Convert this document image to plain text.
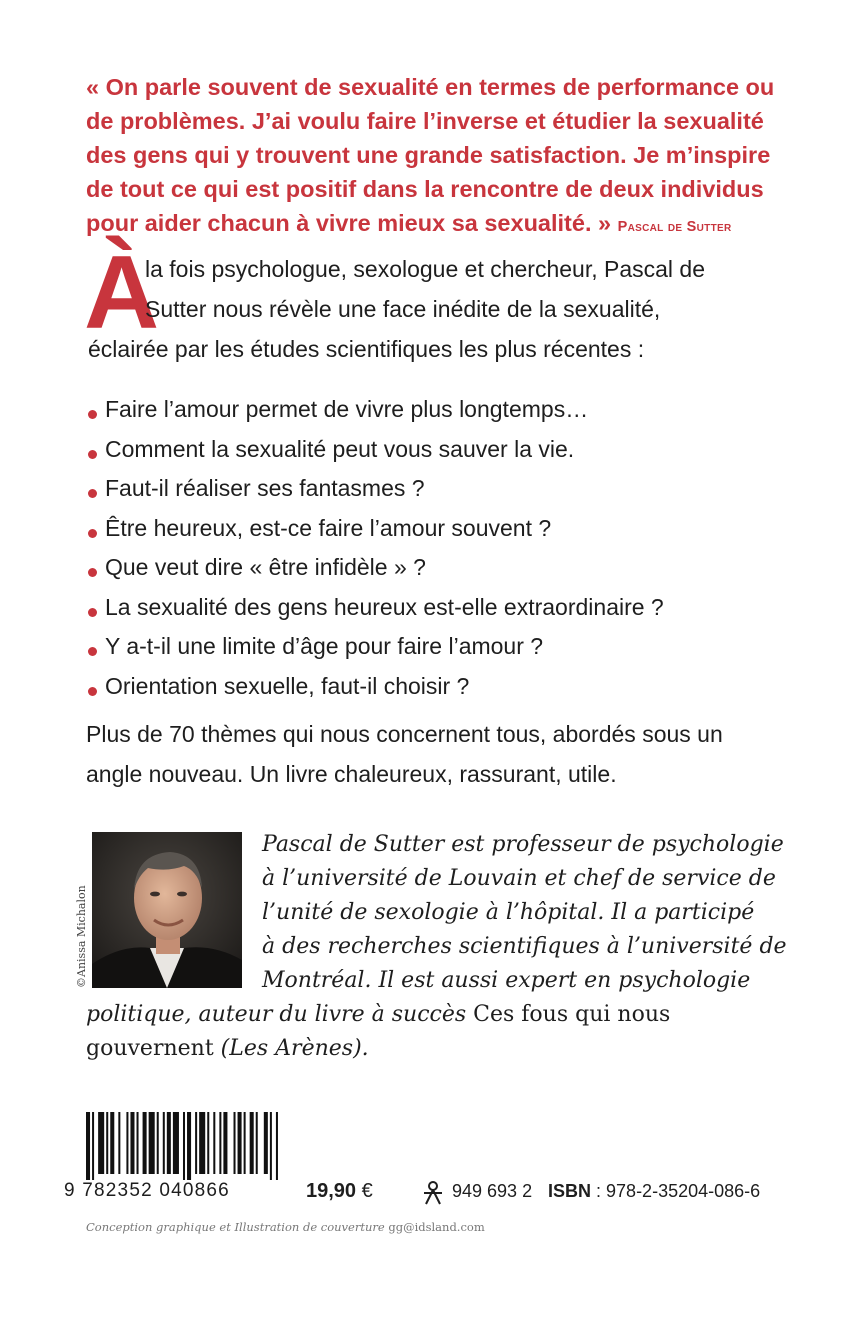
« On parle souvent de sexualité en termes de performance ou de problèmes. J’ai voulu faire l’inverse et étudier la sexualité des gens qui y trouvent une grande satisfaction. Je m’inspire de tout ce qui est positif dans la rencontre de deux individus pour aider chacun à vivre mieux sa sexualité. » Pascal de Sutter
À
la fois psychologue, sexologue et chercheur, Pascal de
Sutter nous révèle une face inédite de la sexualité,
éclairée par les études scientifiques les plus récentes :
Faire l’amour permet de vivre plus longtemps…
Comment la sexualité peut vous sauver la vie.
Faut-il réaliser ses fantasmes ?
Être heureux, est-ce faire l’amour souvent ?
Que veut dire « être infidèle » ?
La sexualité des gens heureux est-elle extraordinaire ?
Y a-t-il une limite d’âge pour faire l’amour ?
Orientation sexuelle, faut-il choisir ?
Plus de 70 thèmes qui nous concernent tous, abordés sous un angle nouveau. Un livre chaleureux, rassurant, utile.
©Anissa Michalon
Pascal de Sutter est professeur de psychologie
à l’université de Louvain et chef de service de
l’unité de sexologie à l’hôpital. Il a participé
à des recherches scientifiques à l’université de
Montréal. Il est aussi expert en psychologie
politique, auteur du livre à succès Ces fous qui nous
gouvernent (Les Arènes).
9 782352 040866	19,90 €	949 693 2 ISBN : 978-2-35204-086-6
Conception graphique et Illustration de couverture gg@idsland.com
